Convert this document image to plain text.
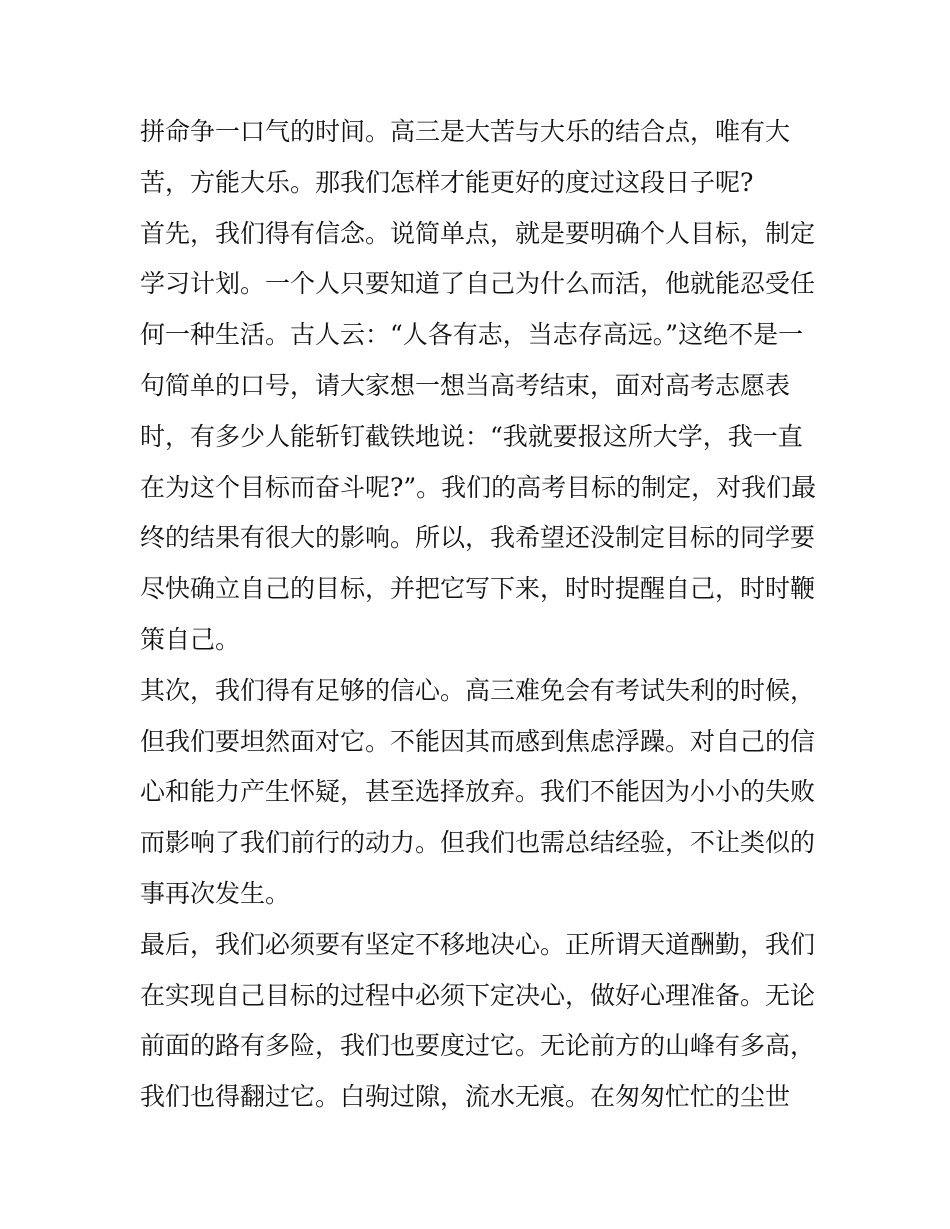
拼命争一口气的时间。高三是大苦与大乐的结合点，唯有大
苦，方能大乐。那我们怎样才能更好的度过这段日子呢?
首先，我们得有信念。说简单点，就是要明确个人目标，制定
学习计划。一个人只要知道了自己为什么而活，他就能忍受任
何一种生活。古人云：“人各有志，当志存高远。”这绝不是一
句简单的口号，请大家想一想当高考结束，面对高考志愿表
时，有多少人能斩钉截铁地说：“我就要报这所大学，我一直
在为这个目标而奋斗呢?”。我们的高考目标的制定，对我们最
终的结果有很大的影响。所以，我希望还没制定目标的同学要
尽快确立自己的目标，并把它写下来，时时提醒自己，时时鞭
策自己。
其次，我们得有足够的信心。高三难免会有考试失利的时候，
但我们要坦然面对它。不能因其而感到焦虑浮躁。对自己的信
心和能力产生怀疑，甚至选择放弃。我们不能因为小小的失败
而影响了我们前行的动力。但我们也需总结经验，不让类似的
事再次发生。
最后，我们必须要有坚定不移地决心。正所谓天道酬勤，我们
在实现自己目标的过程中必须下定决心，做好心理准备。无论
前面的路有多险，我们也要度过它。无论前方的山峰有多高，
我们也得翻过它。白驹过隙，流水无痕。在匆匆忙忙的尘世
